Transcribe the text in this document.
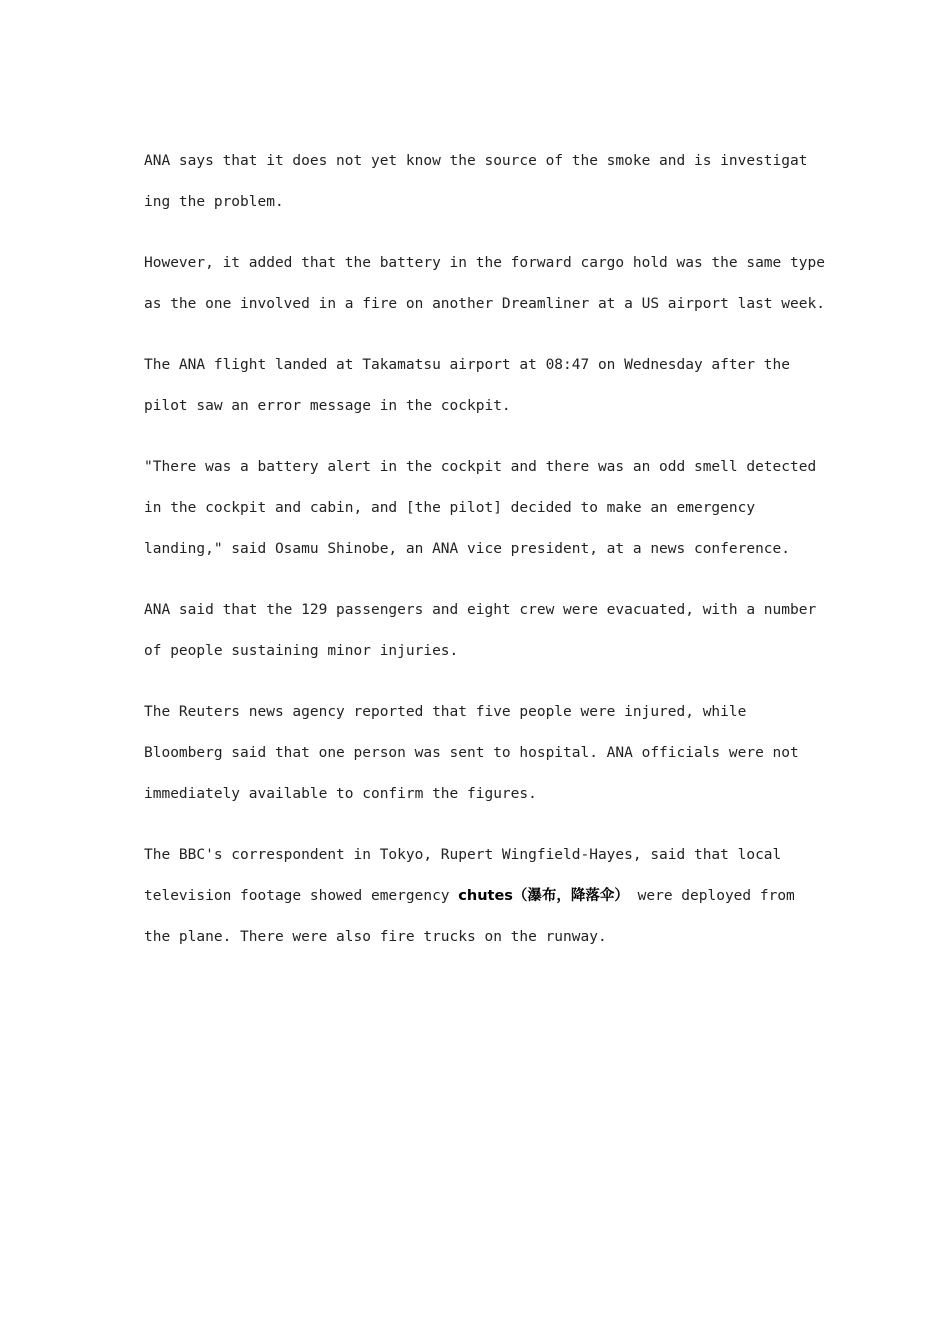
ANA says that it does not yet know the source of the smoke and is investigat
ing the problem.

However, it added that the battery in the forward cargo hold was the same type
as the one involved in a fire on another Dreamliner at a US airport last week.

The ANA flight landed at Takamatsu airport at 08:47 on Wednesday after the
pilot saw an error message in the cockpit.

"There was a battery alert in the cockpit and there was an odd smell detected
in the cockpit and cabin, and [the pilot] decided to make an emergency
landing," said Osamu Shinobe, an ANA vice president, at a news conference.

ANA said that the 129 passengers and eight crew were evacuated, with a number
of people sustaining minor injuries.

The Reuters news agency reported that five people were injured, while
Bloomberg said that one person was sent to hospital. ANA officials were not
immediately available to confirm the figures.

The BBC's correspondent in Tokyo, Rupert Wingfield-Hayes, said that local
television footage showed emergency chutes（瀑布，降落伞） were deployed from
the plane. There were also fire trucks on the runway.
